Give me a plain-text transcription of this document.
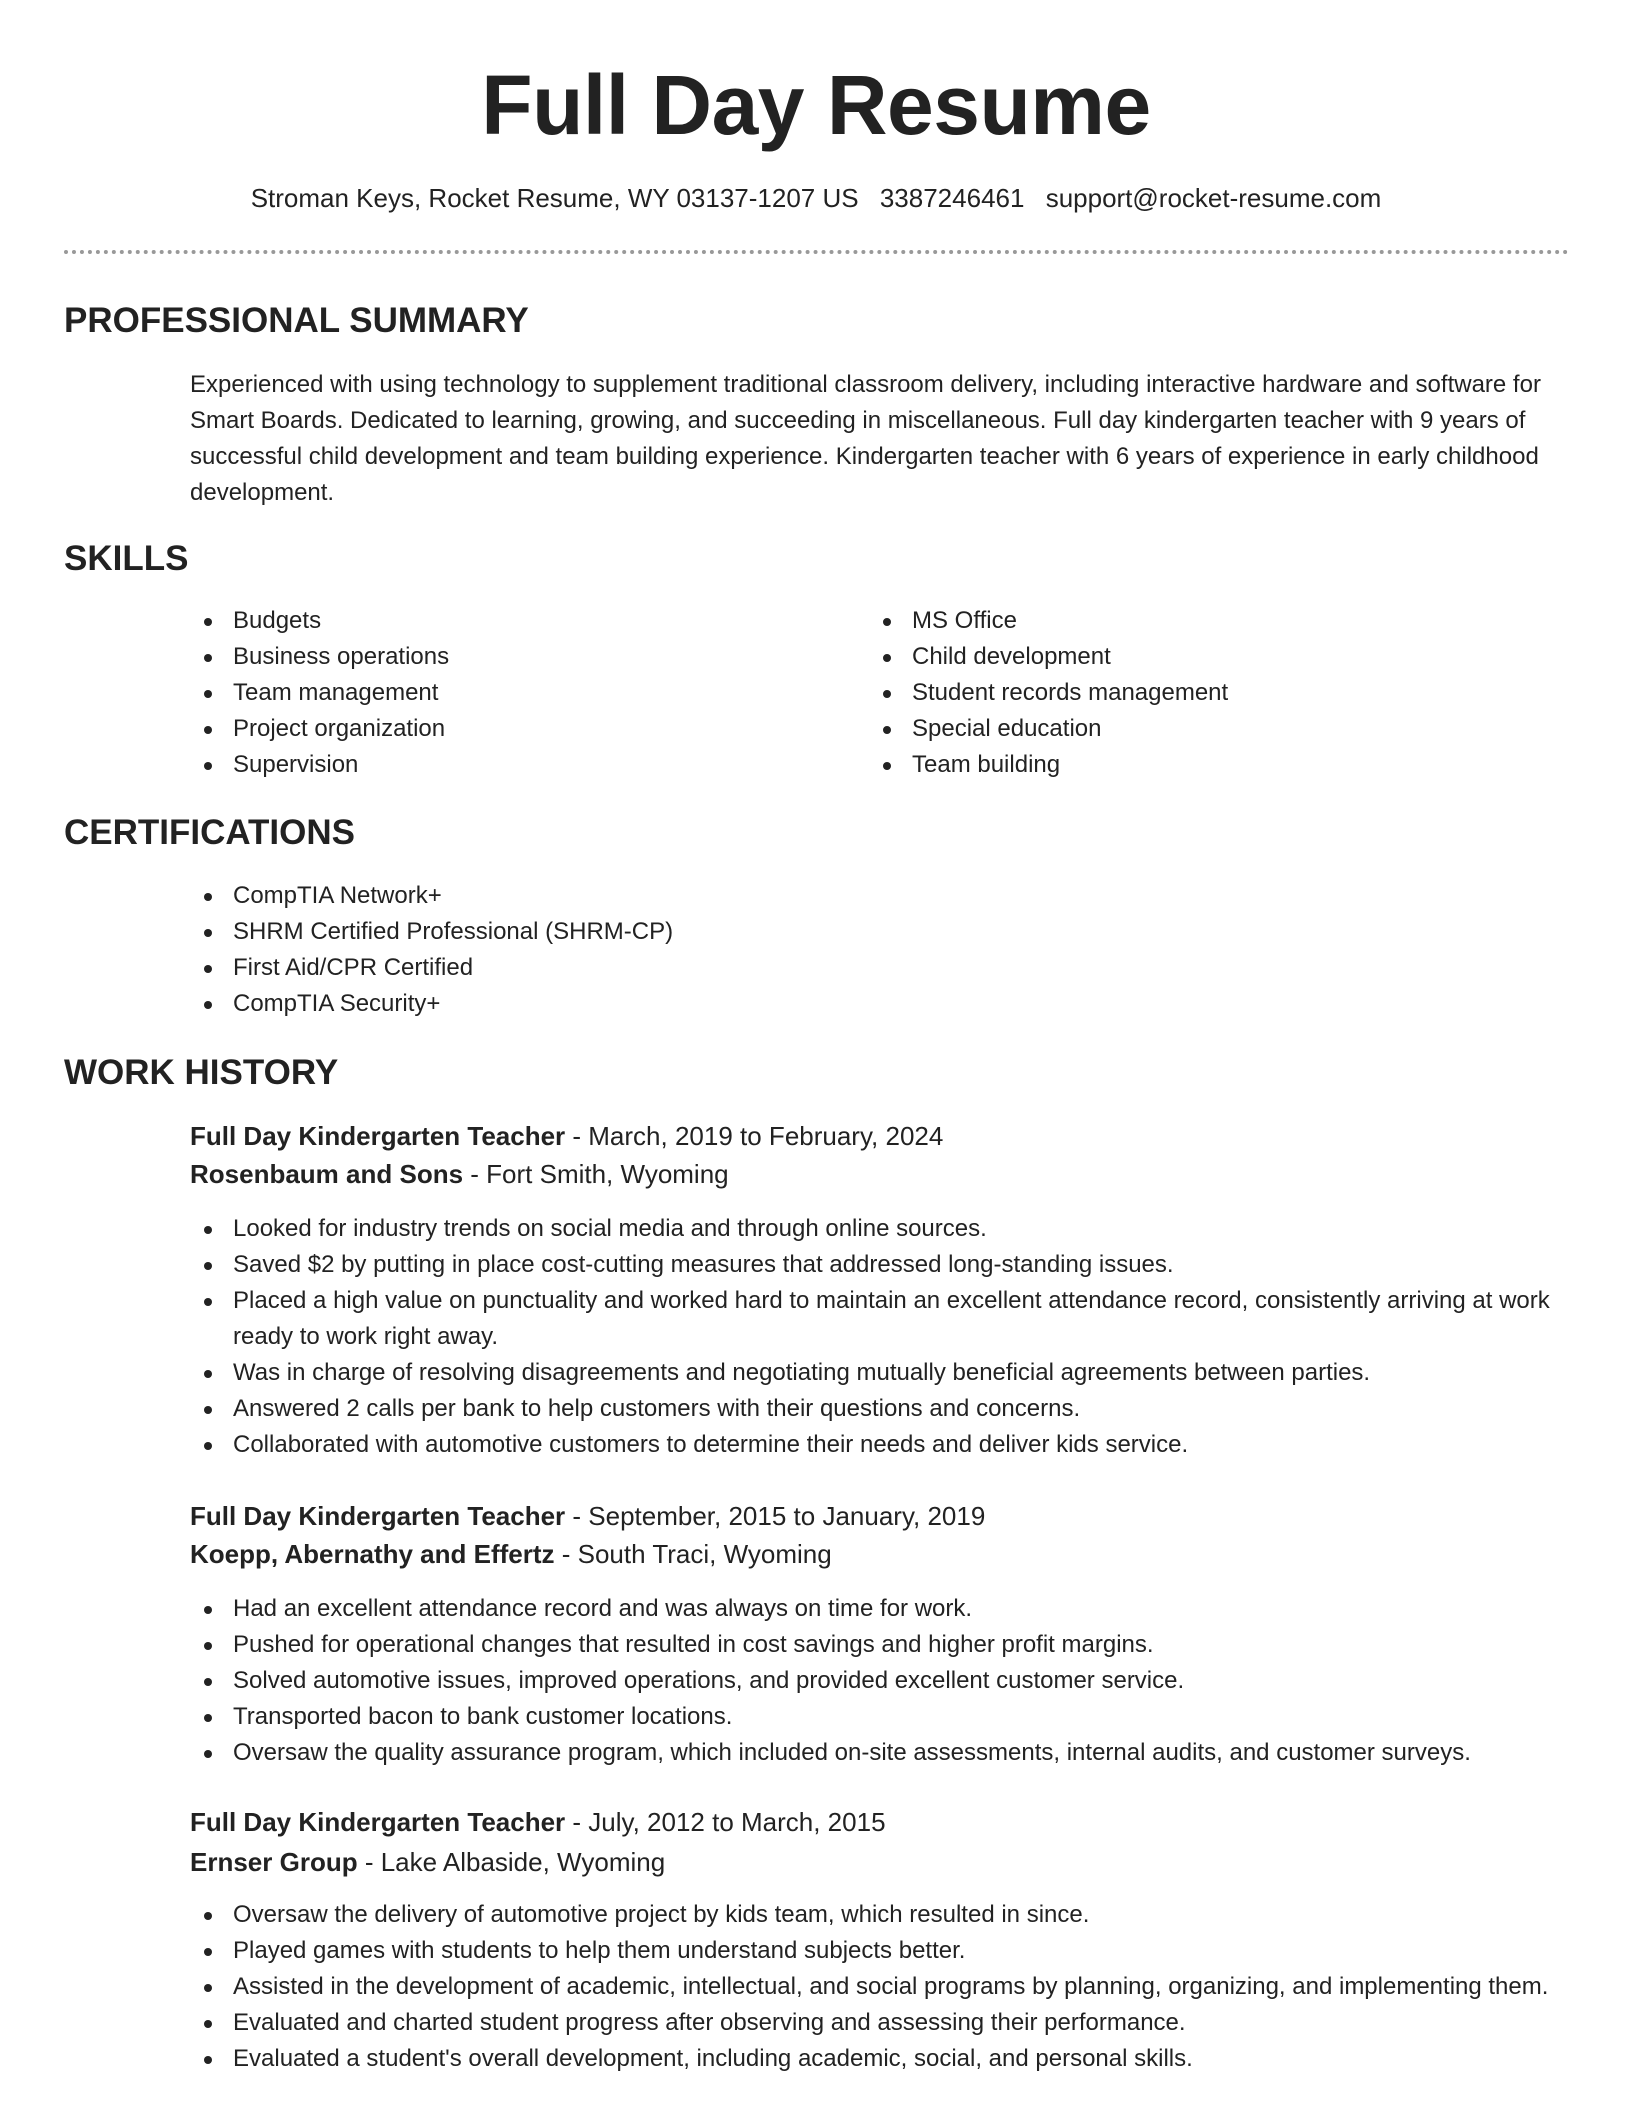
Full Day Resume
Stroman Keys, Rocket Resume, WY 03137-1207 US 3387246461 support@rocket-resume.com
PROFESSIONAL SUMMARY

Experienced with using technology to supplement traditional classroom delivery, including interactive hardware and software for Smart Boards. Dedicated to learning, growing, and succeeding in miscellaneous. Full day kindergarten teacher with 9 years of successful child development and team building experience. Kindergarten teacher with 6 years of experience in early childhood development.

SKILLS
Budgets
Business operations
Team management
Project organization
Supervision
MS Office
Child development
Student records management
Special education
Team building
CERTIFICATIONS
CompTIA Network+
SHRM Certified Professional (SHRM-CP)
First Aid/CPR Certified
CompTIA Security+
WORK HISTORY

Full Day Kindergarten Teacher - March, 2019 to February, 2024

Rosenbaum and Sons - Fort Smith, Wyoming

Looked for industry trends on social media and through online sources.
Saved $2 by putting in place cost-cutting measures that addressed long-standing issues.
Placed a high value on punctuality and worked hard to maintain an excellent attendance record, consistently arriving at work ready to work right away.
Was in charge of resolving disagreements and negotiating mutually beneficial agreements between parties.
Answered 2 calls per bank to help customers with their questions and concerns.
Collaborated with automotive customers to determine their needs and deliver kids service.

Full Day Kindergarten Teacher - September, 2015 to January, 2019

Koepp, Abernathy and Effertz - South Traci, Wyoming

Had an excellent attendance record and was always on time for work.
Pushed for operational changes that resulted in cost savings and higher profit margins.
Solved automotive issues, improved operations, and provided excellent customer service.
Transported bacon to bank customer locations.
Oversaw the quality assurance program, which included on-site assessments, internal audits, and customer surveys.

Full Day Kindergarten Teacher - July, 2012 to March, 2015

Ernser Group - Lake Albaside, Wyoming

Oversaw the delivery of automotive project by kids team, which resulted in since.
Played games with students to help them understand subjects better.
Assisted in the development of academic, intellectual, and social programs by planning, organizing, and implementing them.
Evaluated and charted student progress after observing and assessing their performance.
Evaluated a student's overall development, including academic, social, and personal skills.
